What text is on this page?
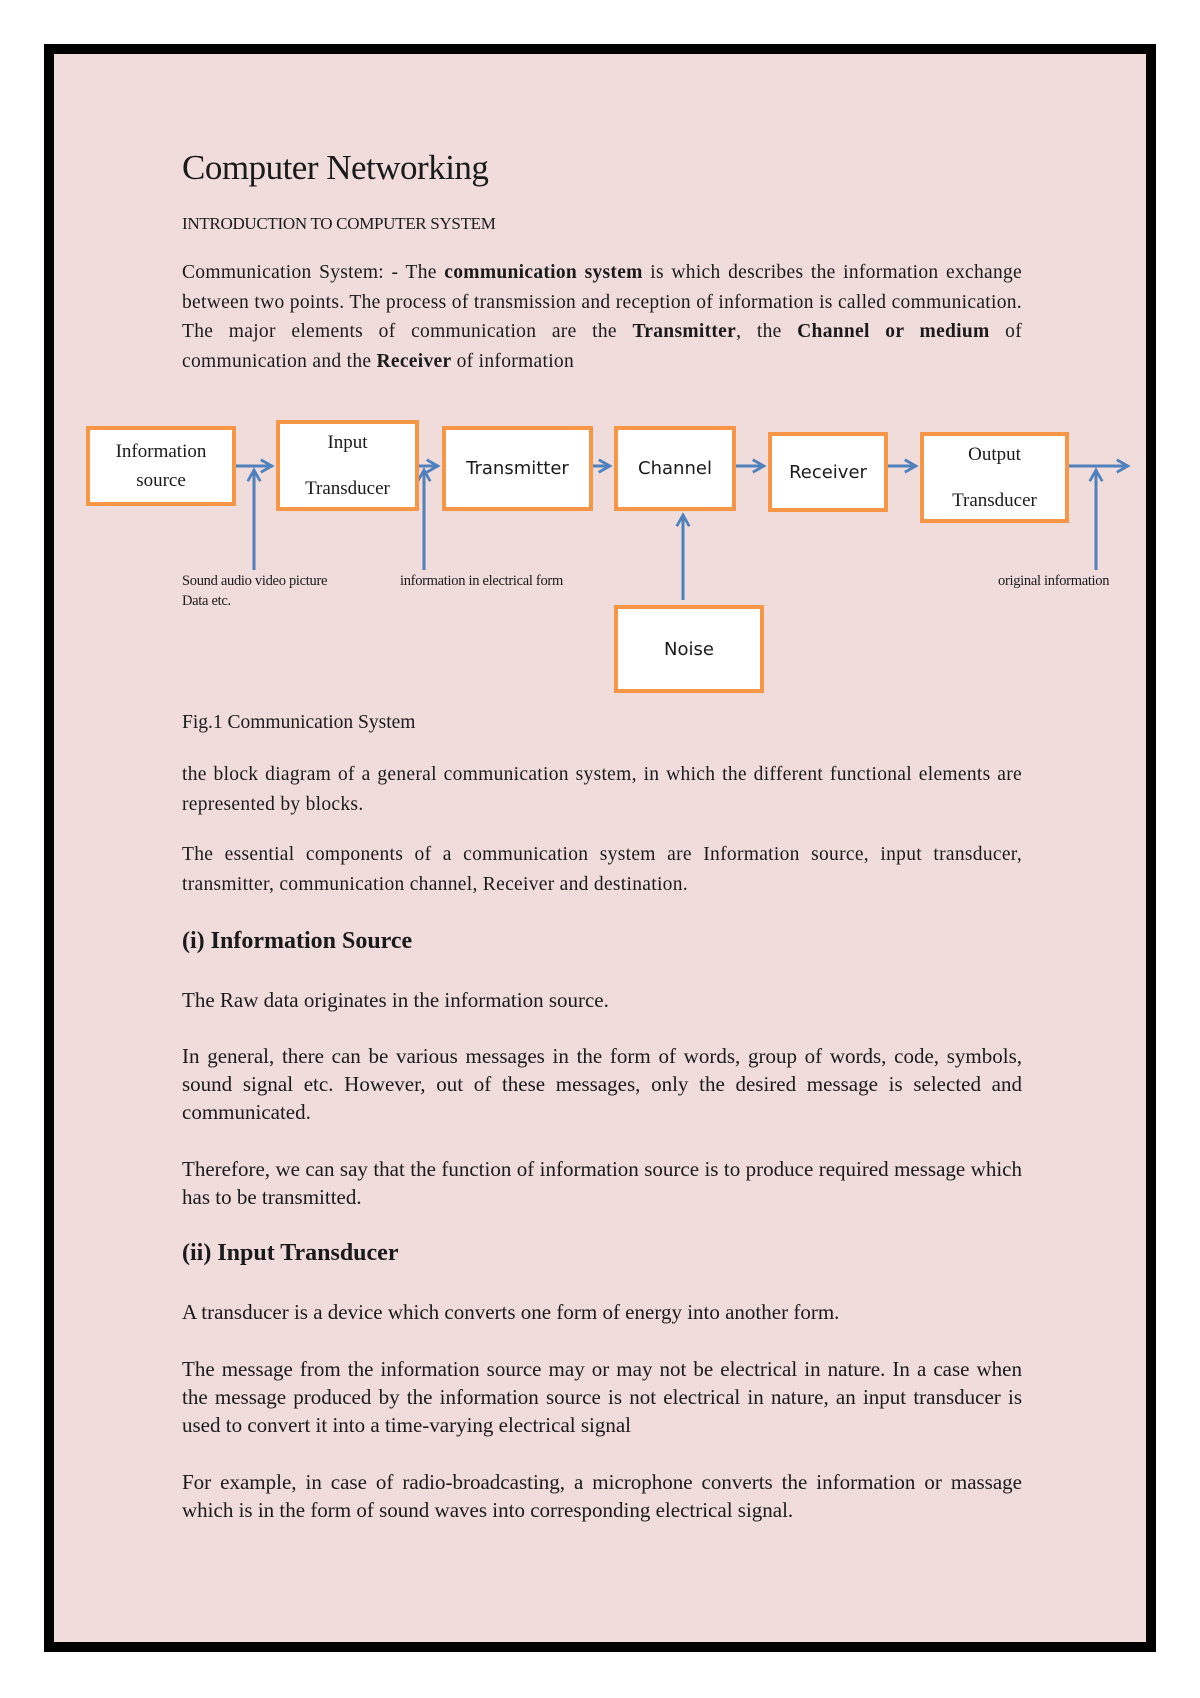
Computer Networking

INTRODUCTION TO COMPUTER SYSTEM

Communication System: - The communication system is which describes the information exchange between two points. The process of transmission and reception of information is called communication. The major elements of communication are the Transmitter, the Channel or medium of communication and the Receiver of information

Information
source
Input
Transducer
Transmitter	Channel	Receiver
Output
Transducer
Noise
Sound audio video picture
Data etc.
information in electrical form	original information

Fig.1 Communication System

the block diagram of a general communication system, in which the different functional elements are represented by blocks.

The essential components of a communication system are Information source, input transducer, transmitter, communication channel, Receiver and destination.

(i) Information Source

The Raw data originates in the information source.

In general, there can be various messages in the form of words, group of words, code, symbols, sound signal etc. However, out of these messages, only the desired message is selected and communicated.

Therefore, we can say that the function of information source is to produce required message which has to be transmitted.

(ii) Input Transducer

A transducer is a device which converts one form of energy into another form.

The message from the information source may or may not be electrical in nature. In a case when the message produced by the information source is not electrical in nature, an input transducer is used to convert it into a time-varying electrical signal

For example, in case of radio-broadcasting, a microphone converts the information or massage which is in the form of sound waves into corresponding electrical signal.
